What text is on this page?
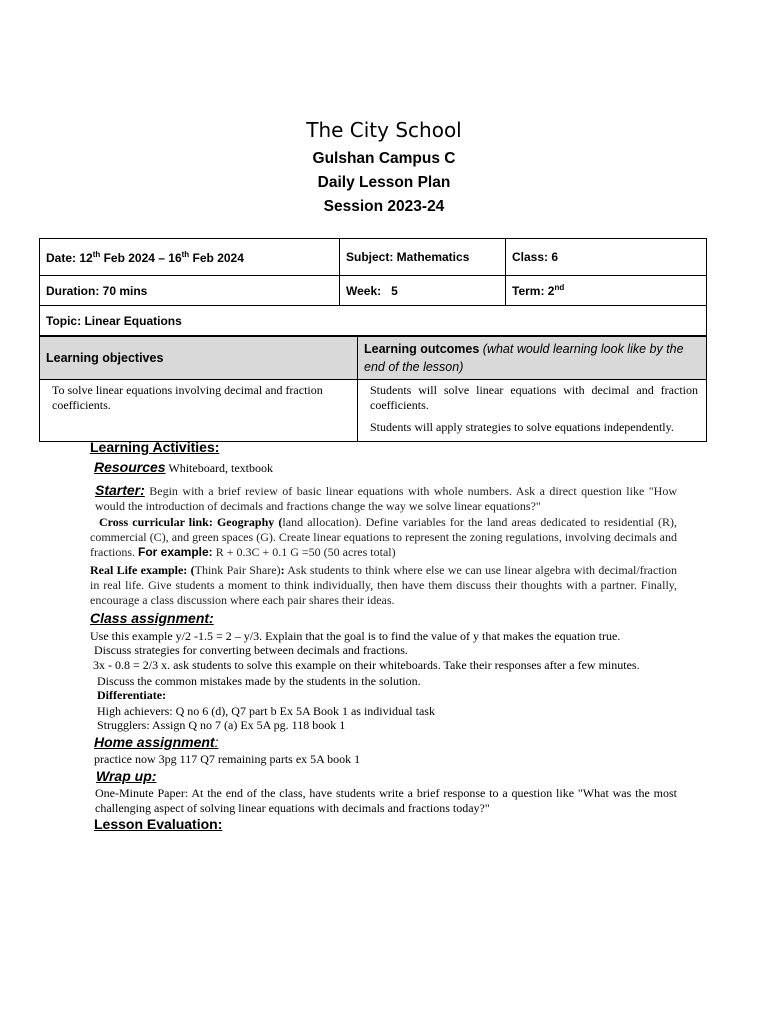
The City School
Gulshan Campus C
Daily Lesson Plan
Session 2023-24
Date: 12th Feb 2024 – 16th Feb 2024	Subject: Mathematics	Class: 6
Duration: 70 mins	Week:   5	Term: 2nd
Topic: Linear Equations		
Learning objectives	Learning outcomes (what would learning look like by the end of the lesson)
To solve linear equations involving decimal and fraction coefficients.	Students will solve linear equations with decimal and fraction coefficients.
Students will apply strategies to solve equations independently.
Learning Activities:
Resources Whiteboard, textbook
Starter: Begin with a brief review of basic linear equations with whole numbers. Ask a direct question like "How would the introduction of decimals and fractions change the way we solve linear equations?"
Cross curricular link: Geography (land allocation). Define variables for the land areas dedicated to residential (R), commercial (C), and green spaces (G). Create linear equations to represent the zoning regulations, involving decimals and fractions. For example: R + 0.3C + 0.1 G =50 (50 acres total)
Real Life example: (Think Pair Share): Ask students to think where else we can use linear algebra with decimal/fraction in real life. Give students a moment to think individually, then have them discuss their thoughts with a partner. Finally, encourage a class discussion where each pair shares their ideas.
Class assignment:
Use this example y/2 -1.5 = 2 – y/3. Explain that the goal is to find the value of y that makes the equation true.
Discuss strategies for converting between decimals and fractions.
3x - 0.8 = 2/3 x. ask students to solve this example on their whiteboards. Take their responses after a few minutes.
Discuss the common mistakes made by the students in the solution.
Differentiate:
High achievers: Q no 6 (d), Q7 part b Ex 5A Book 1 as individual task
Strugglers: Assign Q no 7 (a) Ex 5A pg. 118 book 1
Home assignment:
practice now 3pg 117 Q7 remaining parts ex 5A book 1
Wrap up:
One-Minute Paper: At the end of the class, have students write a brief response to a question like "What was the most challenging aspect of solving linear equations with decimals and fractions today?"
Lesson Evaluation:
